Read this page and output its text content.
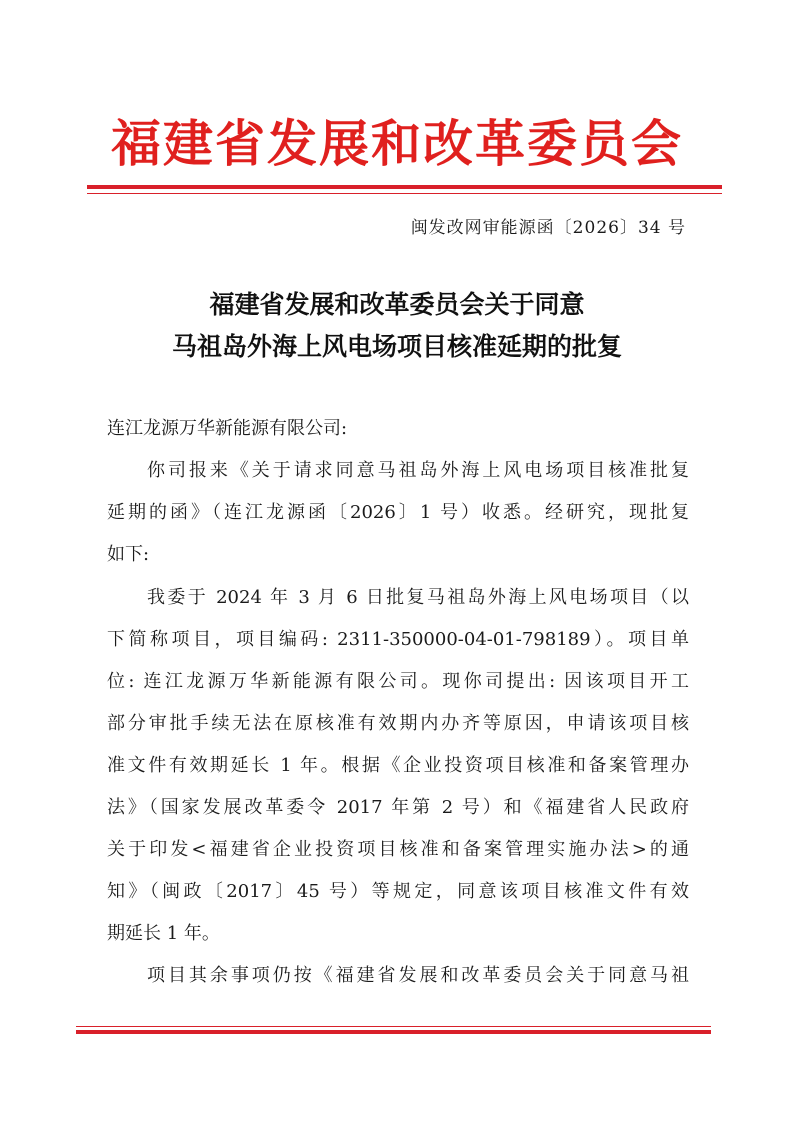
福建省发展和改革委员会
闽发改网审能源函〔2026〕34 号
福建省发展和改革委员会关于同意
马祖岛外海上风电场项目核准延期的批复
连江龙源万华新能源有限公司:
你司报来《关于请求同意马祖岛外海上风电场项目核准批复
延期的函》（连江龙源函〔2026〕1 号）收悉。经研究，现批复
如下:
我委于 2024 年 3 月 6 日批复马祖岛外海上风电场项目（以
下简称项目，项目编码: 2311-350000-04-01-798189）。项目单
位: 连江龙源万华新能源有限公司。现你司提出: 因该项目开工
部分审批手续无法在原核准有效期内办齐等原因，申请该项目核
准文件有效期延长 1 年。根据《企业投资项目核准和备案管理办
法》（国家发展改革委令 2017 年第 2 号）和《福建省人民政府
关于印发<福建省企业投资项目核准和备案管理实施办法>的通
知》（闽政〔2017〕45 号）等规定，同意该项目核准文件有效
期延长 1 年。
项目其余事项仍按《福建省发展和改革委员会关于同意马祖
